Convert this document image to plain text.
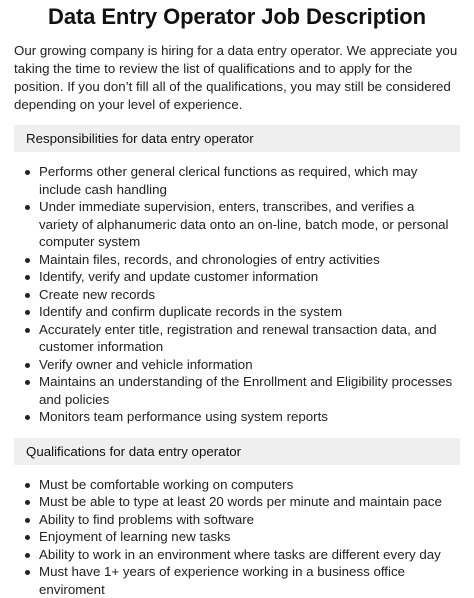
Data Entry Operator Job Description

Our growing company is hiring for a data entry operator. We appreciate you taking the time to review the list of qualifications and to apply for the position. If you don’t fill all of the qualifications, you may still be considered depending on your level of experience.

Responsibilities for data entry operator
Performs other general clerical functions as required, which may include cash handling
Under immediate supervision, enters, transcribes, and verifies a variety of alphanumeric data onto an on-line, batch mode, or personal computer system
Maintain files, records, and chronologies of entry activities
Identify, verify and update customer information
Create new records
Identify and confirm duplicate records in the system
Accurately enter title, registration and renewal transaction data, and customer information
Verify owner and vehicle information
Maintains an understanding of the Enrollment and Eligibility processes and policies
Monitors team performance using system reports
Qualifications for data entry operator
Must be comfortable working on computers
Must be able to type at least 20 words per minute and maintain pace
Ability to find problems with software
Enjoyment of learning new tasks
Ability to work in an environment where tasks are different every day
Must have 1+ years of experience working in a business office enviroment
